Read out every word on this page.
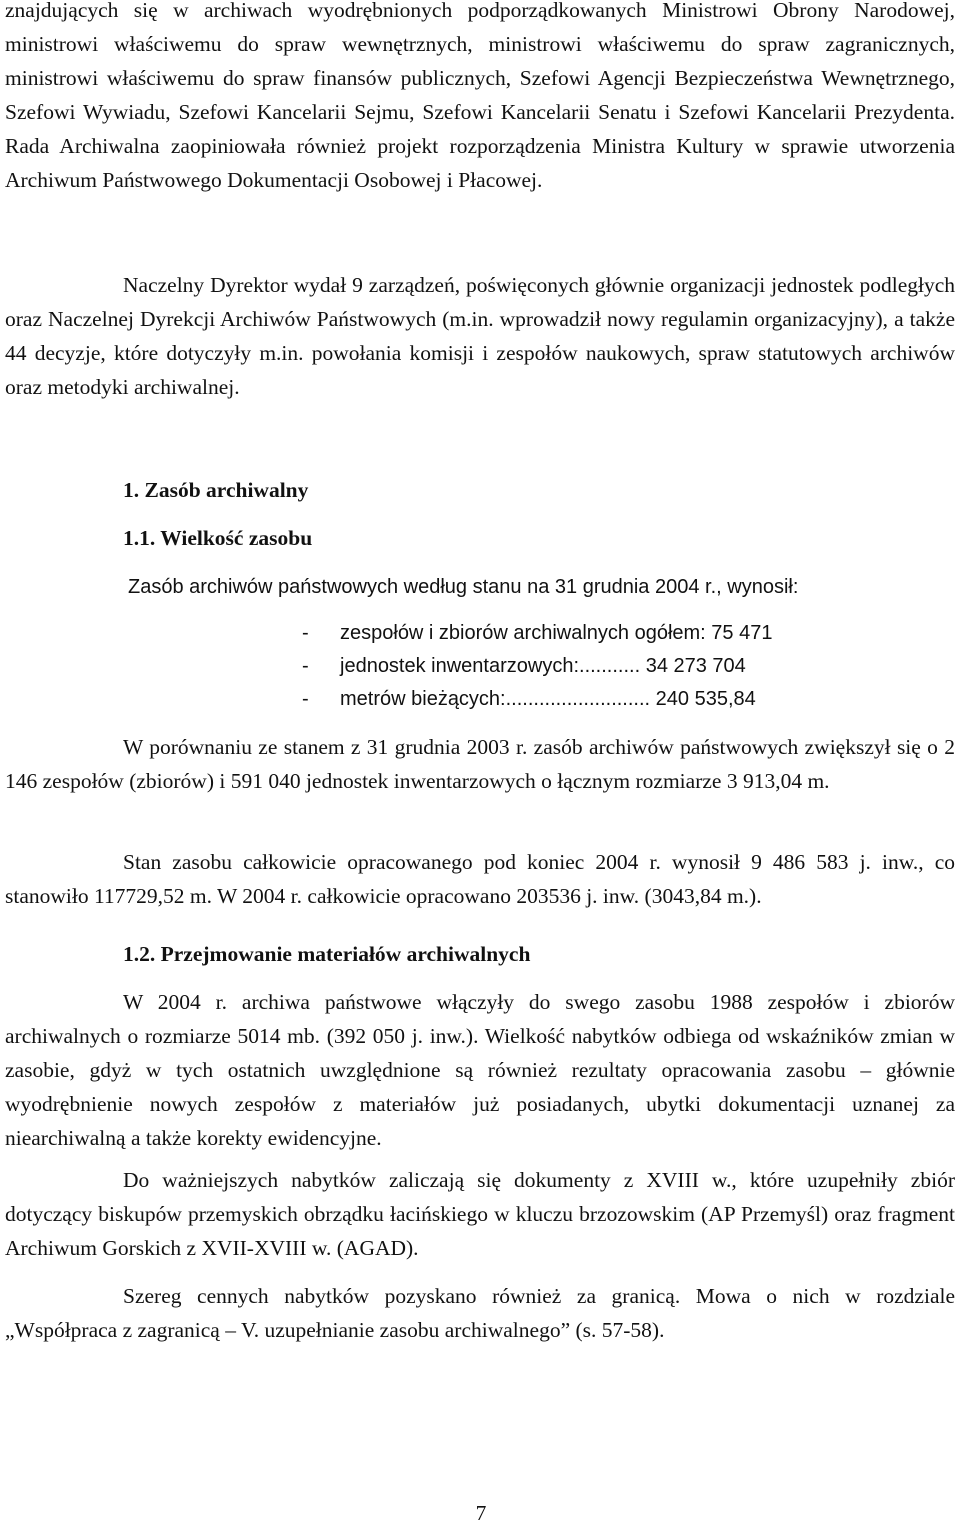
znajdujących się w archiwach wyodrębnionych podporządkowanych Ministrowi Obrony Narodowej, ministrowi właściwemu do spraw wewnętrznych, ministrowi właściwemu do spraw zagranicznych, ministrowi właściwemu do spraw finansów publicznych, Szefowi Agencji Bezpieczeństwa Wewnętrznego, Szefowi Wywiadu, Szefowi Kancelarii Sejmu, Szefowi Kancelarii Senatu i Szefowi Kancelarii Prezydenta. Rada Archiwalna zaopiniowała również projekt rozporządzenia Ministra Kultury w sprawie utworzenia Archiwum Państwowego Dokumentacji Osobowej i Płacowej.

Naczelny Dyrektor wydał 9 zarządzeń, poświęconych głównie organizacji jednostek podległych oraz Naczelnej Dyrekcji Archiwów Państwowych (m.in. wprowadził nowy regulamin organizacyjny), a także 44 decyzje, które dotyczyły m.in. powołania komisji i zespołów naukowych, spraw statutowych archiwów oraz metodyki archiwalnej.

1. Zasób archiwalny
1.1. Wielkość zasobu

Zasób archiwów państwowych według stanu na 31 grudnia 2004 r., wynosił:

- zespołów i zbiorów archiwalnych ogółem: 75 471
- jednostek inwentarzowych:........... 34 273 704
- metrów bieżących:.......................... 240 535,84

W porównaniu ze stanem z 31 grudnia 2003 r. zasób archiwów państwowych zwiększył się o 2 146 zespołów (zbiorów) i 591 040 jednostek inwentarzowych o łącznym rozmiarze 3 913,04 m.

Stan zasobu całkowicie opracowanego pod koniec 2004 r. wynosił 9 486 583 j. inw., co stanowiło 117729,52 m. W 2004 r. całkowicie opracowano 203536 j. inw. (3043,84 m.).

1.2. Przejmowanie materiałów archiwalnych

W 2004 r. archiwa państwowe włączyły do swego zasobu 1988 zespołów i zbiorów archiwalnych o rozmiarze 5014 mb. (392 050 j. inw.). Wielkość nabytków odbiega od wskaźników zmian w zasobie, gdyż w tych ostatnich uwzględnione są również rezultaty opracowania zasobu – głównie wyodrębnienie nowych zespołów z materiałów już posiadanych, ubytki dokumentacji uznanej za niearchiwalną a także korekty ewidencyjne.

Do ważniejszych nabytków zaliczają się dokumenty z XVIII w., które uzupełniły zbiór dotyczący biskupów przemyskich obrządku łacińskiego w kluczu brzozowskim (AP Przemyśl) oraz fragment Archiwum Gorskich z XVII-XVIII w. (AGAD).

Szereg cennych nabytków pozyskano również za granicą. Mowa o nich w rozdziale „Współpraca z zagranicą – V. uzupełnianie zasobu archiwalnego” (s. 57-58).

7
